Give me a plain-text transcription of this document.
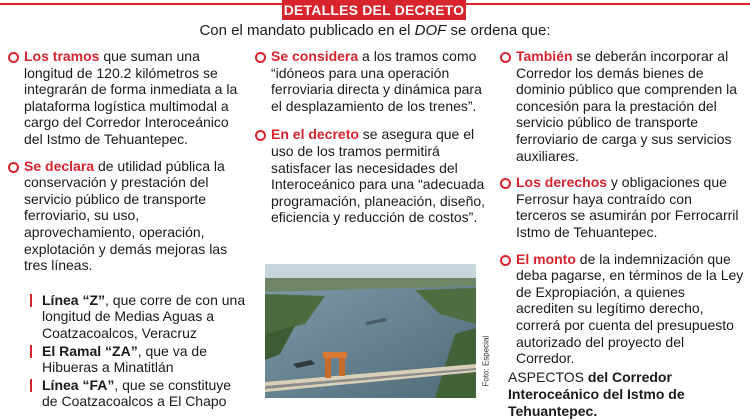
DETALLES DEL DECRETO
Con el mandato publicado en el DOF se ordena que:
Los tramos que suman una longitud de 120.2 kilómetros se integrarán de forma inmediata a la plataforma logística multimodal a cargo del Corredor Interoceánico del Istmo de Tehuantepec.
Se declara de utilidad pública la conservación y prestación del servicio público de transporte ferroviario, su uso, aprovechamiento, operación, explotación y demás mejoras las tres líneas.
Línea “Z”, que corre de con una longitud de Medias Aguas a Coatzacoalcos, Veracruz
El Ramal “ZA”, que va de Hibueras a Minatitlán
Línea “FA”, que se constituye de Coatzacoalcos a El Chapo
Se considera a los tramos como “idóneos para una operación ferroviaria directa y dinámica para el desplazamiento de los trenes”.
En el decreto se asegura que el uso de los tramos permitirá satisfacer las necesidades del Interoceánico para una “adecuada programación, planeación, diseño, eficiencia y reducción de costos”.
Foto: Especial
También se deberán incorporar al Corredor los demás bienes de dominio público que comprenden la concesión para la prestación del servicio público de transporte ferroviario de carga y sus servicios auxiliares.
Los derechos y obligaciones que Ferrosur haya contraído con terceros se asumirán por Ferrocarril Istmo de Tehuantepec.
El monto de la indemnización que deba pagarse, en términos de la Ley de Expropiación, a quienes acrediten su legítimo derecho, correrá por cuenta del presupuesto autorizado del proyecto del Corredor.
ASPECTOS del Corredor Interoceánico del Istmo de Tehuantepec.
